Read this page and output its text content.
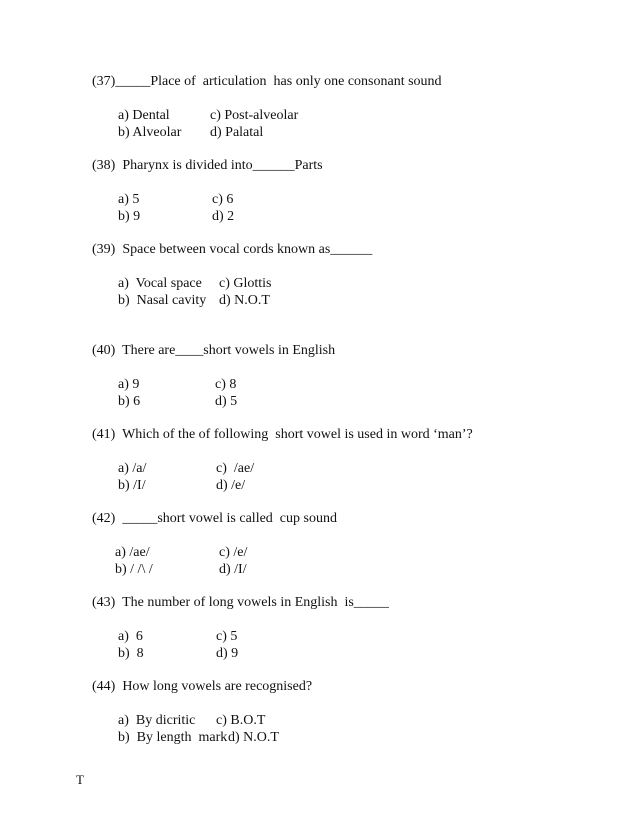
(37)_____Place of  articulation  has only one consonant sound
a) Dental	c) Post-alveolar
b) Alveolar d) Palatal
(38)  Pharynx is divided into______Parts
a) 5	c) 6
b) 9	d) 2
(39)  Space between vocal cords known as______
a)  Vocal space c) Glottis
b)  Nasal cavity d) N.O.T
(40)  There are____short vowels in English
a) 9	c) 8
b) 6	d) 5
(41)  Which of the of following  short vowel is used in word ‘man’?
a) /a/	c)  /ae/
b) /I/	d) /e/
(42)  _____short vowel is called  cup sound
a) /ae/	c) /e/
b) / /\ /	d) /I/
(43)  The number of long vowels in English  is_____
a)  6	c) 5
b)  8	d) 9
(44)  How long vowels are recognised?
a)  By dicritic c) B.O.T
b)  By length  mark d) N.O.T
T
